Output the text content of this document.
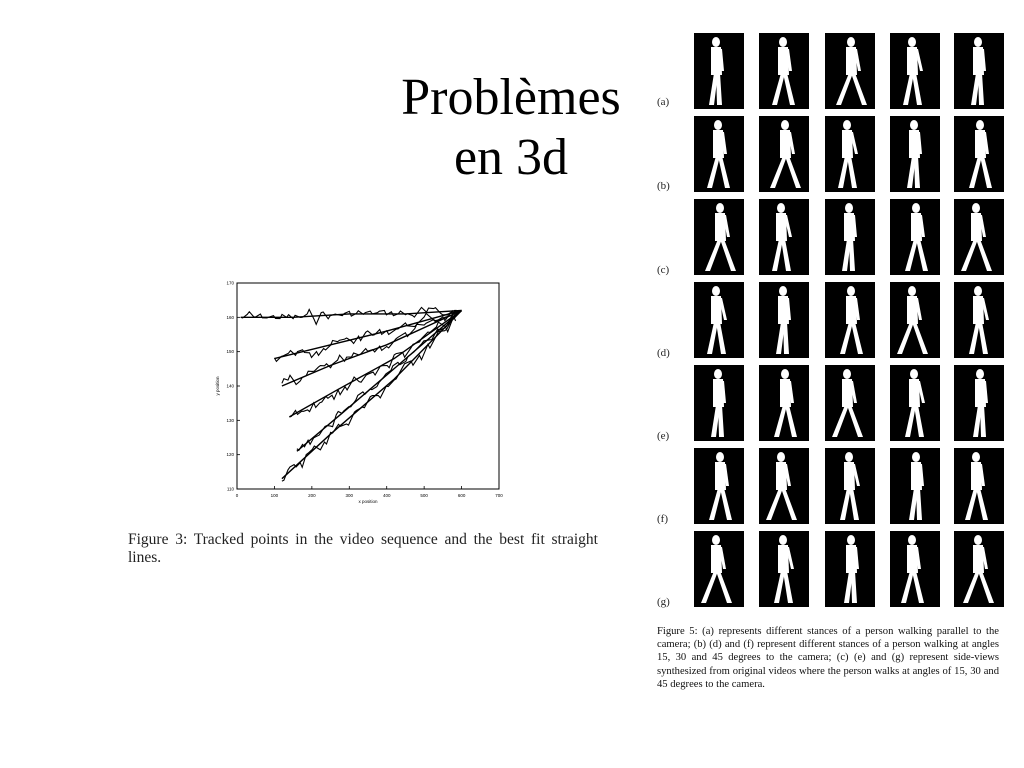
Problèmes
en 3d
0	100	200	300	400	500	600	700
110
120
130
140
150
160
170
x position
y position
Figure 3: Tracked points in the video sequence and the best fit straight lines.
(a)
(b)
(c)
(d)
(e)
(f)
(g)
Figure 5: (a) represents different stances of a person walking parallel to the camera; (b) (d) and (f) represent different stances of a person walking at angles 15, 30 and 45 degrees to the camera; (c) (e) and (g) represent side-views synthesized from original videos where the person walks at angles of 15, 30 and 45 degrees to the camera.
